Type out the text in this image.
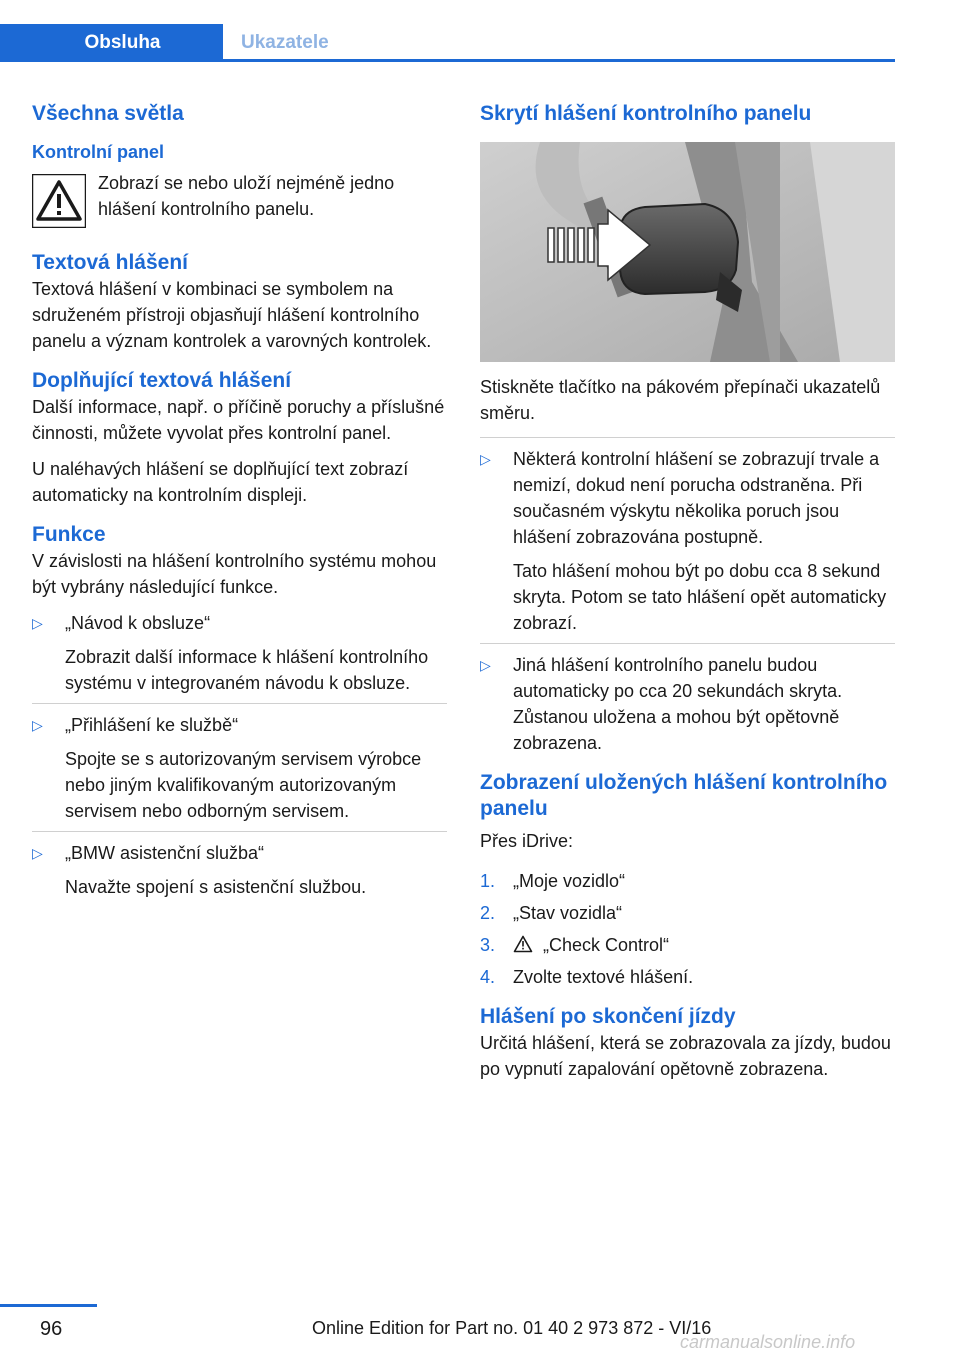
Obsluha	Ukazatele
Všechna světla
Kontrolní panel

Zobrazí se nebo uloží nejméně jedno hlášení kontrolního panelu.

Textová hlášení

Textová hlášení v kombinaci se symbolem na sdruženém přístroji objasňují hlášení kontrolního panelu a význam kontrolek a varovných kontrolek.

Doplňující textová hlášení

Další informace, např. o příčině poruchy a příslušné činnosti, můžete vyvolat přes kontrolní panel.

U naléhavých hlášení se doplňující text zobrazí automaticky na kontrolním displeji.

Funkce

V závislosti na hlášení kontrolního systému mohou být vybrány následující funkce.

▷ „Návod k obsluze“

Zobrazit další informace k hlášení kontrolního systému v integrovaném návodu k obsluze.

▷ „Přihlášení ke službě“

Spojte se s autorizovaným servisem výrobce nebo jiným kvalifikovaným autorizovaným servisem nebo odborným servisem.

▷ „BMW asistenční služba“

Navažte spojení s asistenční službou.

Skrytí hlášení kontrolního panelu

Stiskněte tlačítko na pákovém přepínači ukazatelů směru.

▷ Některá kontrolní hlášení se zobrazují trvale a nemizí, dokud není porucha odstraněna. Při současném výskytu několika poruch jsou hlášení zobrazována postupně.

Tato hlášení mohou být po dobu cca 8 sekund skryta. Potom se tato hlášení opět automaticky zobrazí.

▷ Jiná hlášení kontrolního panelu budou automaticky po cca 20 sekundách skryta. Zůstanou uložena a mohou být opětovně zobrazena.

Zobrazení uložených hlášení kontrolního panelu

Přes iDrive:

1. „Moje vozidlo“
2. „Stav vozidla“
3.	„Check Control“
4. Zvolte textové hlášení.
Hlášení po skončení jízdy

Určitá hlášení, která se zobrazovala za jízdy, budou po vypnutí zapalování opětovně zobrazena.

96	Online Edition for Part no. 01 40 2 973 872 - VI/16
carmanualsonline.info
